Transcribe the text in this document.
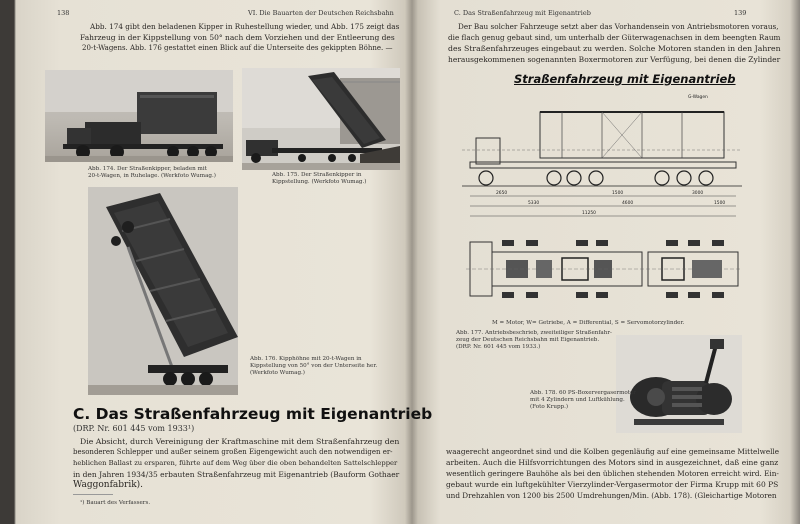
138	VI. Die Bauarten der Deutschen Reichsbahn
Abb. 174 gibt den beladenen Kipper in Ruhestellung wieder, und Abb. 175 zeigt das
Fahrzeug in der Kippstellung von 50° nach dem Vorziehen und der Entleerung des
20-t-Wagens. Abb. 176 gestattet einen Blick auf die Unterseite des gekippten Böhne. —
Abb. 174. Der Straßenkipper, beladen mit
20-t-Wagen, in Ruhelage. (Werkfoto Wumag.)	Abb. 175. Der Straßenkipper in
Kippstellung. (Werkfoto Wumag.)
Abb. 176. Kipphöhne mit 20-t-Wagen in
Kippstellung von 50° von der Unterseite her.
(Werkfoto Wumag.)
C. Das Straßenfahrzeug mit Eigenantrieb
(DRP. Nr. 601 445 vom 1933¹)
Die Absicht, durch Vereinigung der Kraftmaschine mit dem Straßenfahrzeug den
besonderen Schlepper und außer seinem großen Eigengewicht auch den notwendigen er-
heblichen Ballast zu ersparen, führte auf dem Weg über die oben behandelten Sattelschlepper
in den Jahren 1934/35 erbauten Straßenfahrzeug mit Eigenantrieb (Bauform Gothaer
Waggonfabrik).
¹) Bauart des Verfassers.
C. Das Straßenfahrzeug mit Eigenantrieb	139
Der Bau solcher Fahrzeuge setzt aber das Vorhandensein von Antriebsmotoren voraus,
die flach genug gebaut sind, um unterhalb der Güterwagenachsen in dem beengten Raum
des Straßenfahrzeuges eingebaut zu werden. Solche Motoren standen in den Jahren
herausgekommenen sogenannten Boxermotoren zur Verfügung, bei denen die Zylinder
Straßenfahrzeug mit Eigenantrieb
G-Wagen
2650
5330
1500
4600
11250
3000
1500
M = Motor, W= Getriebe, A = Differential, S = Servomotorzylinder.
Abb. 177. Antriebsbeschrieb, zweiteiliger Straßenfahr-
zeug der Deutschen Reichsbahn mit Eigenantrieb.
(DRP. Nr. 601 445 vom 1933.)
Abb. 178. 60 PS-Boxervergasermotor
mit 4 Zylindern und Luftkühlung.
(Foto Krupp.)
waagerecht angeordnet sind und die Kolben gegenläufig auf eine gemeinsame Mittelwelle
arbeiten. Auch die Hilfsvorrichtungen des Motors sind in ausgezeichnet, daß eine ganz
wesentlich geringere Bauhöhe als bei den üblichen stehenden Motoren erreicht wird. Ein-
gebaut wurde ein luftgekühlter Vierzylinder-Vergasermotor der Firma Krupp mit 60 PS
und Drehzahlen von 1200 bis 2500 Umdrehungen/Min. (Abb. 178). (Gleichartige Motoren
